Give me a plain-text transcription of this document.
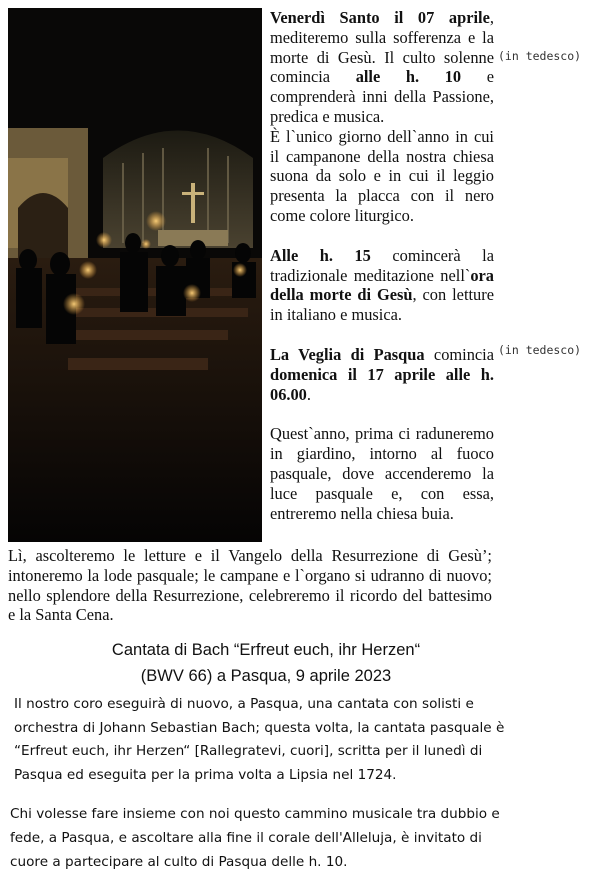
Venerdì Santo il 07 aprile, mediteremo sulla sofferenza e la morte di Gesù. Il culto solenne comincia alle h. 10 e comprenderà inni della Passione, predica e musica.

È l`unico giorno dell`anno in cui il campanone della nostra chiesa suona da solo e in cui il leggio presenta la placca con il nero come colore liturgico.

Alle h. 15 comincerà la tradizionale meditazione nell`ora della morte di Gesù, con letture in italiano e musica.

La Veglia di Pasqua comincia domenica il 17 aprile alle h. 06.00.

Quest`anno, prima ci raduneremo in giardino, intorno al fuoco pasquale, dove accenderemo la luce pasquale e, con essa, entreremo nella chiesa buia.

(in tedesco)
(in tedesco)

Lì, ascolteremo le letture e il Vangelo della Resurrezione di Gesù’; intoneremo la lode pasquale; le campane e l`organo si udranno di nuovo; nello splendore della Resurrezione, celebreremo il ricordo del battesimo e la Santa Cena.

Cantata di Bach “Erfreut euch, ihr Herzen“
(BWV 66) a Pasqua, 9 aprile 2023

Il nostro coro eseguirà di nuovo, a Pasqua, una cantata con solisti e orchestra di Johann Sebastian Bach; questa volta, la cantata pasquale è “Erfreut euch, ihr Herzen“ [Rallegratevi, cuori], scritta per il lunedì di Pasqua ed eseguita per la prima volta a Lipsia nel 1724.

Chi volesse fare insieme con noi questo cammino musicale tra dubbio e fede, a Pasqua, e ascoltare alla fine il corale dell'Alleluja, è invitato di cuore a partecipare al culto di Pasqua delle h. 10.
